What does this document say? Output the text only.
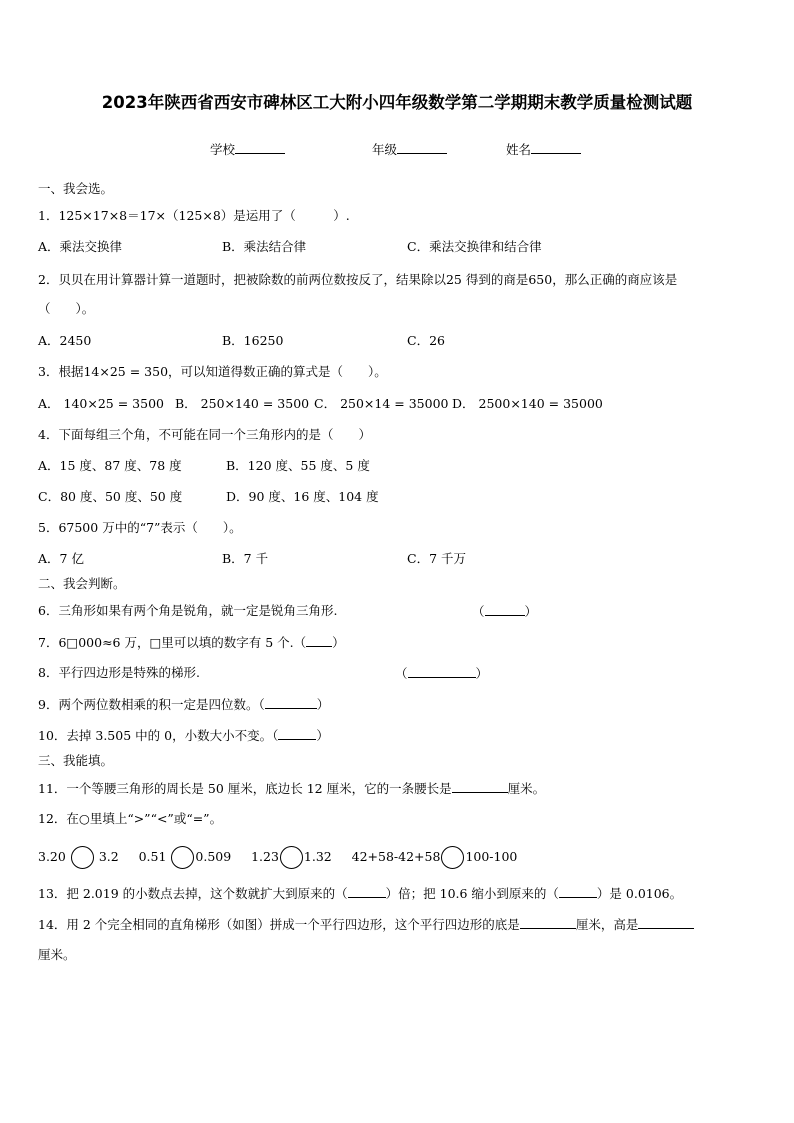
2023年陕西省西安市碑林区工大附小四年级数学第二学期期末教学质量检测试题
学校	年级	姓名
一、我会选。
1．125×17×8＝17×（125×8）是运用了（　　　）.
A．乘法交换律	B．乘法结合律	C．乘法交换律和结合律
2．贝贝在用计算器计算一道题时，把被除数的前两位数按反了，结果除以25 得到的商是650，那么正确的商应该是
（　　）。
A．2450	B．16250	C．26
3．根据14×25 = 350，可以知道得数正确的算式是（　　）。
A． 140×25 = 3500 B． 250×140 = 3500 C． 250×14 = 35000 D． 2500×140 = 35000
4．下面每组三个角，不可能在同一个三角形内的是（　　）
A．15 度、87 度、78 度	B．120 度、55 度、5 度
C．80 度、50 度、50 度	D．90 度、16 度、104 度
5．67500 万中的“7”表示（　　）。
A．7 亿	B．7 千	C．7 千万
二、我会判断。
6．三角形如果有两个角是锐角，就一定是锐角三角形.	（	）
7．6□000≈6 万，□里可以填的数字有 5 个.（ ）
8．平行四边形是特殊的梯形.	（	）
9．两个两位数相乘的积一定是四位数。（	）
10．去掉 3.505 中的 0，小数大小不变。（	）
三、我能填。
11．一个等腰三角形的周长是 50 厘米，底边长 12 厘米，它的一条腰长是	厘米。
12．在○里填上“>”“<”或“=”。
3.20	3.2 0.51 0.509 1.23 1.32 42+58-42+58 100-100
13．把 2.019 的小数点去掉，这个数就扩大到原来的（	）倍；把 10.6 缩小到原来的（	）是 0.0106。
14．用 2 个完全相同的直角梯形（如图）拼成一个平行四边形，这个平行四边形的底是	厘米，高是
厘米。
